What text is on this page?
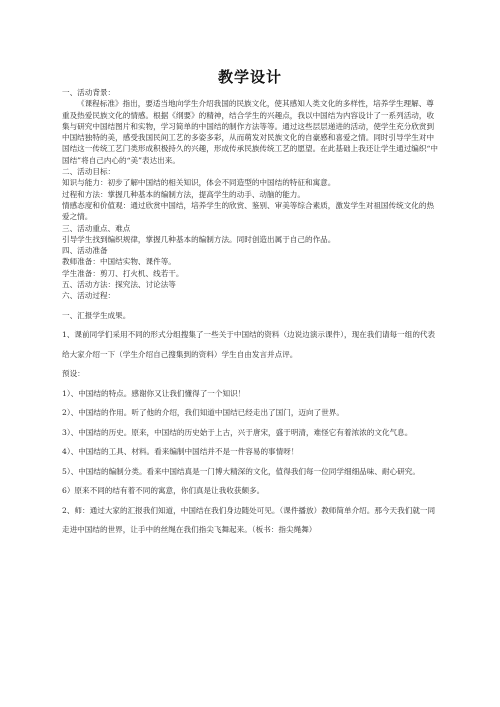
教学设计

一、活动背景：

《课程标准》指出，要适当地向学生介绍我国的民族文化，使其感知人类文化的多样性，培养学生理解、尊重及热爱民族文化的情感。根据《纲要》的精神，结合学生的兴趣点，我以中国结为内容设计了一系列活动，收集与研究中国结图片和实物，学习简单的中国结的制作方法等等。通过这些层层递进的活动，使学生充分欣赏到中国结独特的美，感受我国民间工艺的多姿多彩，从而萌发对民族文化的自豪感和喜爱之情。同时引导学生对中国结这一传统工艺门类形成积极持久的兴趣，形成传承民族传统工艺的愿望。在此基础上我还让学生通过编织“中国结”将自己内心的“美”表达出来。

二、活动目标：

知识与能力：初步了解中国结的相关知识，体会不同造型的中国结的特征和寓意。

过程和方法：掌握几种基本的编制方法，提高学生的动手、动脑的能力。

情感态度和价值观：通过欣赏中国结，培养学生的欣赏、鉴别、审美等综合素质，激发学生对祖国传统文化的热爱之情。

三、活动重点、难点

引导学生找到编织规律，掌握几种基本的编制方法。同时创造出属于自己的作品。

四、活动准备

教师准备：中国结实物、课件等。

学生准备：剪刀、打火机、线若干。

五、活动方法：探究法、讨论法等

六、活动过程：

一、汇报学生成果。

1、课前同学们采用不同的形式分组搜集了一些关于中国结的资料（边说边演示课件），现在我们请每一组的代表给大家介绍一下（学生介绍自己搜集到的资料）学生自由发言并点评。

预设：

1）、中国结的特点。感谢你又让我们懂得了一个知识！

2）、中国结的作用。听了他的介绍，我们知道中国结已经走出了国门，迈向了世界。

3）、中国结的历史。原来，中国结的历史始于上古，兴于唐宋，盛于明清，难怪它有着浓浓的文化气息。

4）、中国结的工具、材料。看来编制中国结并不是一件容易的事情呀！

5）、中国结的编制分类。看来中国结真是一门博大精深的文化，值得我们每一位同学细细品味、耐心研究。

6）原来不同的结有着不同的寓意，你们真是让我收获颇多。

2、师：通过大家的汇报我们知道，中国结在我们身边随处可见。（课件播放）教师简单介绍。那今天我们就一同走进中国结的世界，让手中的丝绳在我们指尖飞舞起来。（板书：指尖绳舞）
